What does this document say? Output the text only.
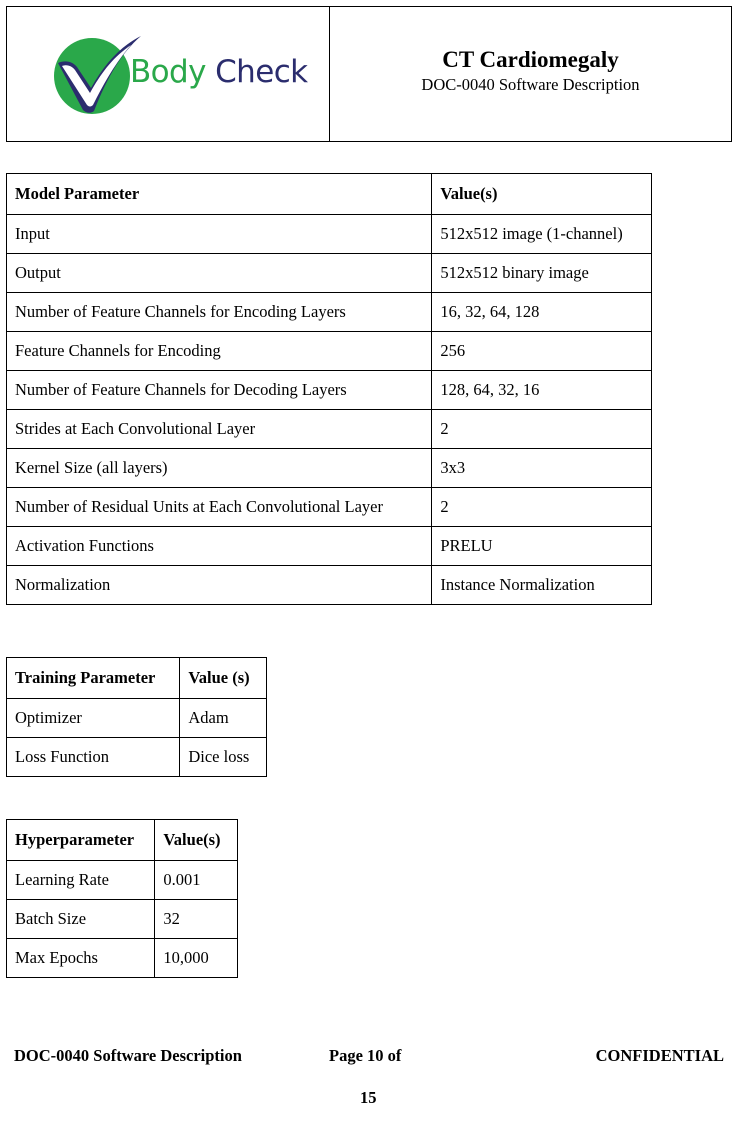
Body Check	CT Cardiomegaly
DOC-0040 Software Description
Model Parameter	Value(s)
Input	512x512 image (1-channel)
Output	512x512 binary image
Number of Feature Channels for Encoding Layers	16, 32, 64, 128
Feature Channels for Encoding	256
Number of Feature Channels for Decoding Layers	128, 64, 32, 16
Strides at Each Convolutional Layer	2
Kernel Size (all layers)	3x3
Number of Residual Units at Each Convolutional Layer	2
Activation Functions	PRELU
Normalization	Instance Normalization
Training Parameter	Value (s)
Optimizer	Adam
Loss Function	Dice loss
Hyperparameter	Value(s)
Learning Rate	0.001
Batch Size	32
Max Epochs	10,000
DOC-0040 Software Description	Page 10 of	CONFIDENTIAL
15
